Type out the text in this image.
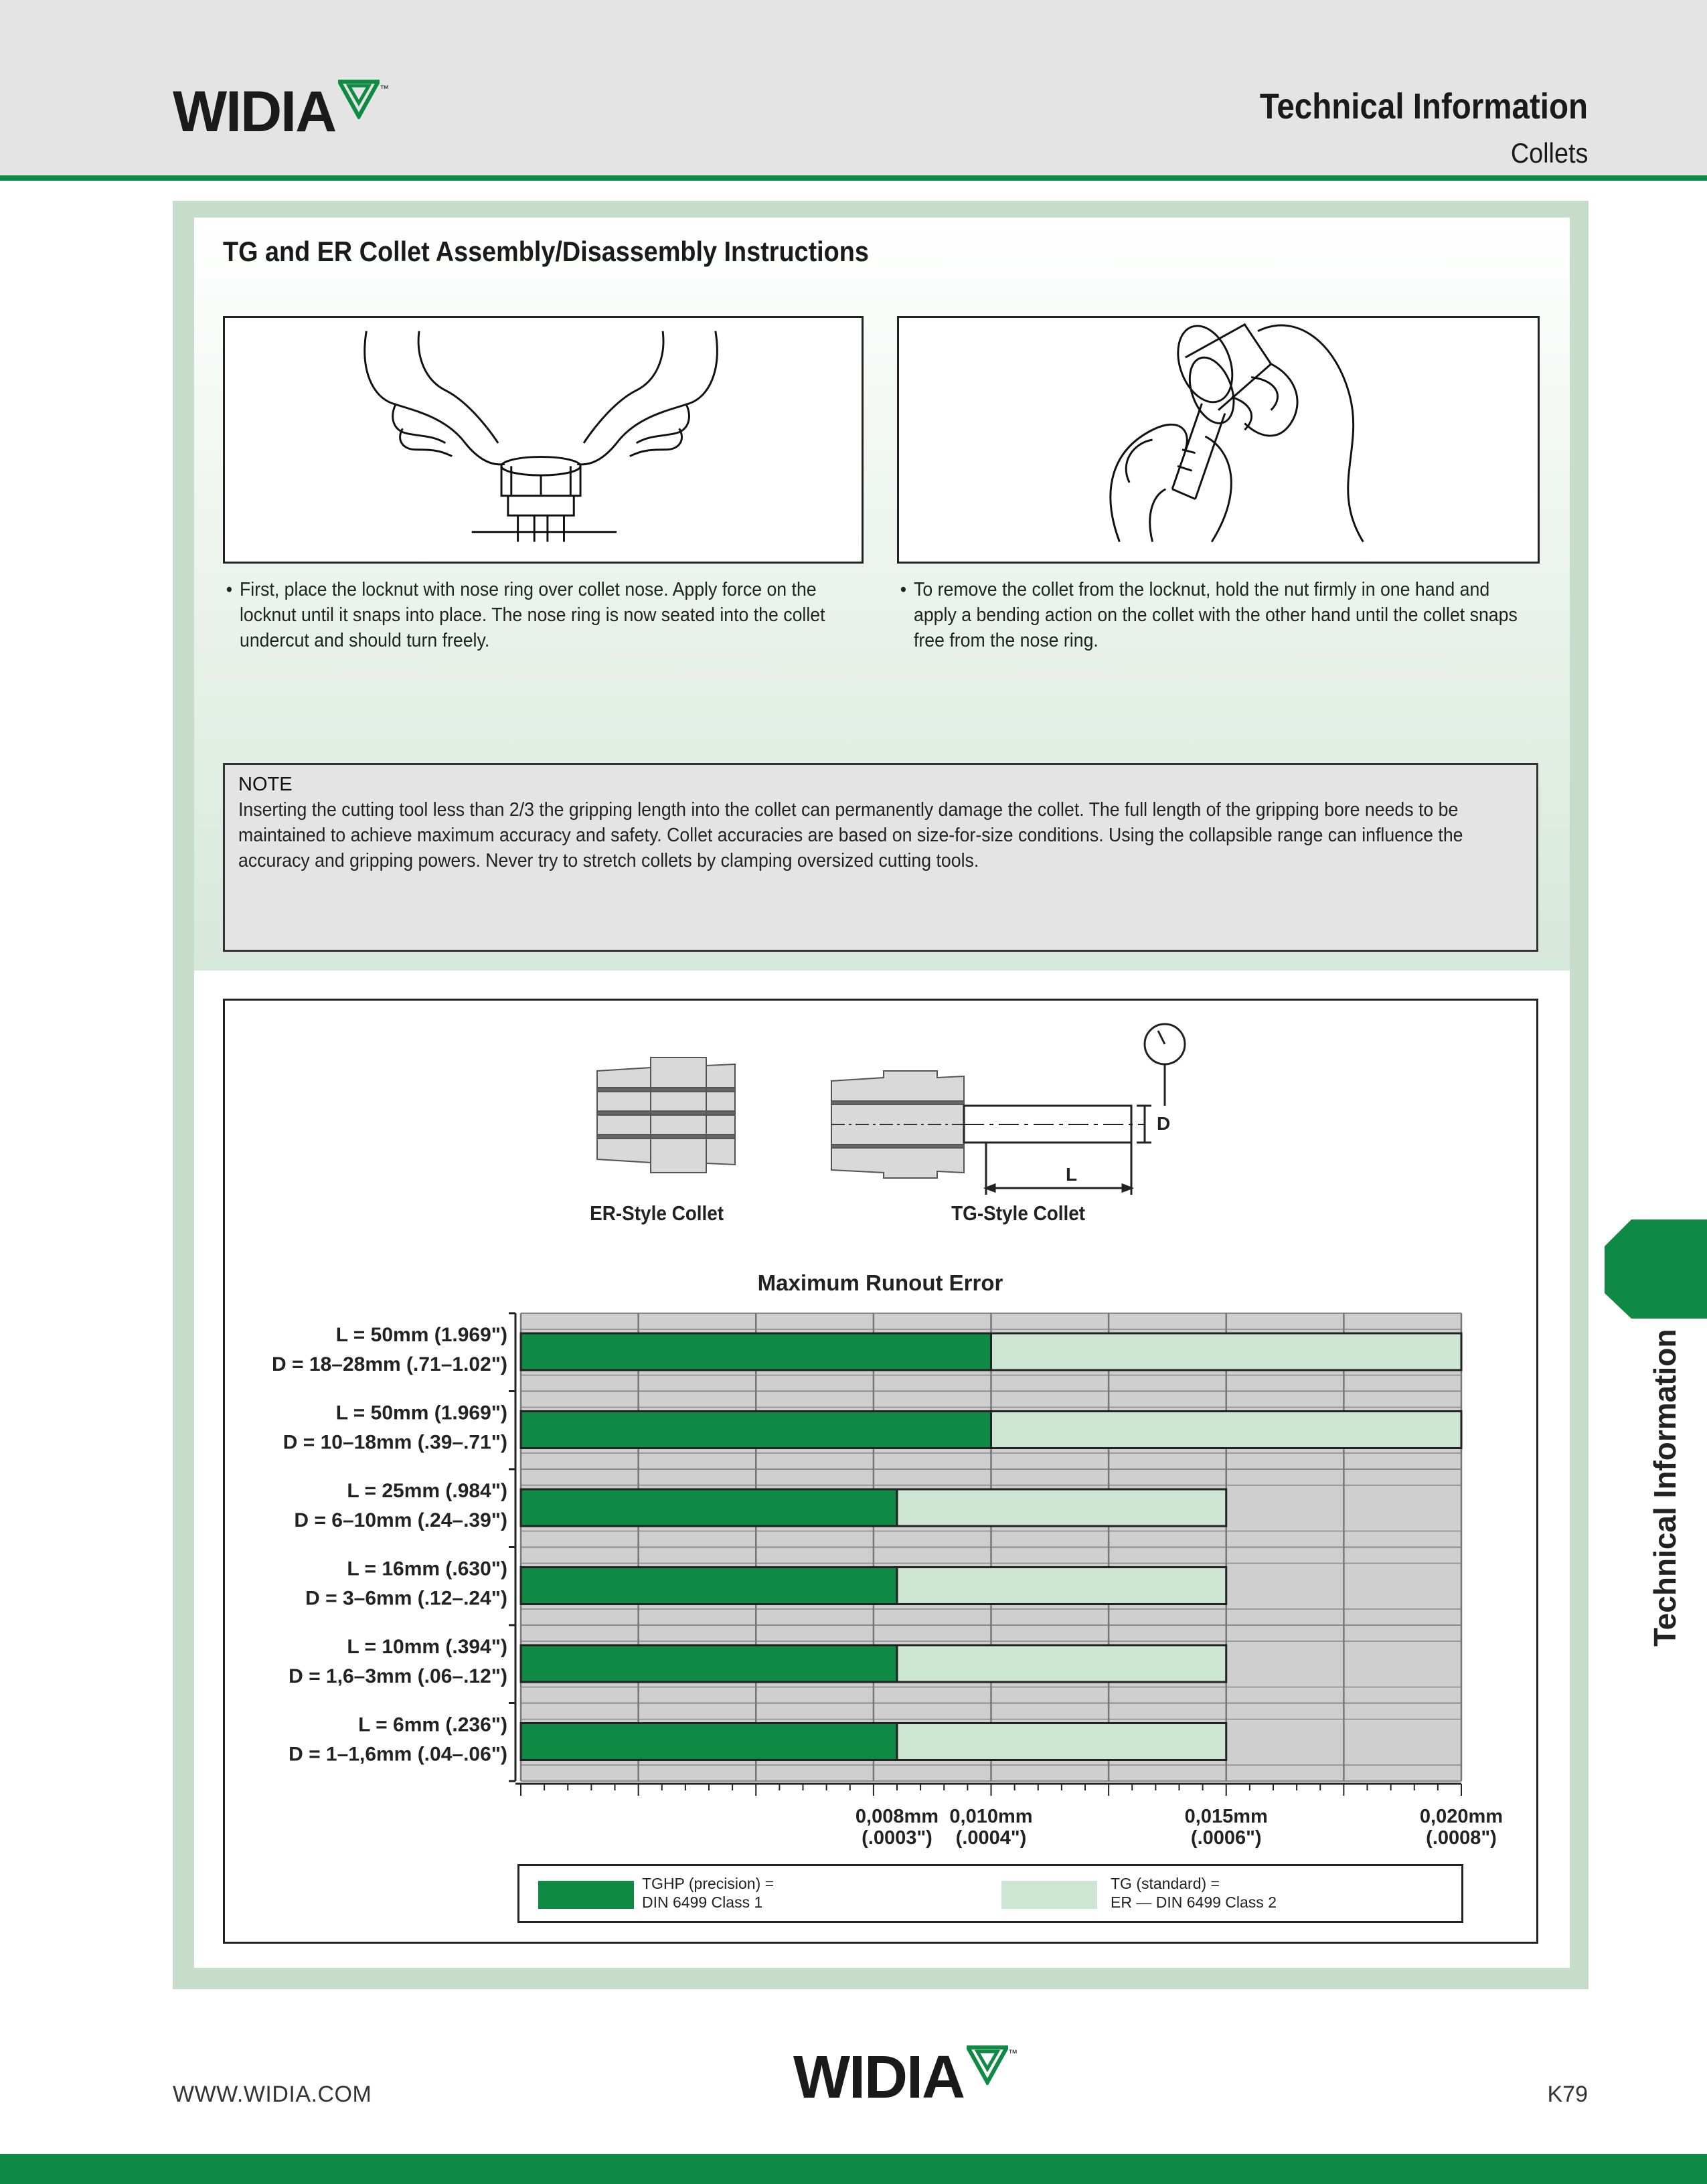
WIDIA	™	Technical Information
Collets
TG and ER Collet Assembly/Disassembly Instructions
• First, place the locknut with nose ring over collet nose. Apply force on the locknut until it snaps into place. The nose ring is now seated into the collet undercut and should turn freely.
• To remove the collet from the locknut, hold the nut firmly in one hand and apply a bending action on the collet with the other hand until the collet snaps free from the nose ring.
NOTE
Inserting the cutting tool less than 2/3 the gripping length into the collet can permanently damage the collet. The full length of the gripping bore needs to be maintained to achieve maximum accuracy and safety. Collet accuracies are based on size-for-size conditions. Using the collapsible range can influence the accuracy and gripping powers. Never try to stretch collets by clamping oversized cutting tools.
D
L
ER-Style Collet	TG-Style Collet
Maximum Runout Error
L = 50mm (1.969")
D = 18–28mm (.71–1.02")
L = 50mm (1.969")
D = 10–18mm (.39–.71")
L = 25mm (.984")
D = 6–10mm (.24–.39")
L = 16mm (.630")
D = 3–6mm (.12–.24")
L = 10mm (.394")
D = 1,6–3mm (.06–.12")
L = 6mm (.236")
D = 1–1,6mm (.04–.06")
0,008mm
(.0003")
0,010mm
(.0004")
0,015mm
(.0006")
0,020mm
(.0008")
TGHP (precision) =
DIN 6499 Class 1
TG (standard) =
ER — DIN 6499 Class 2
Technical Information
WWW.WIDIA.COM	WIDIA	™
K79
